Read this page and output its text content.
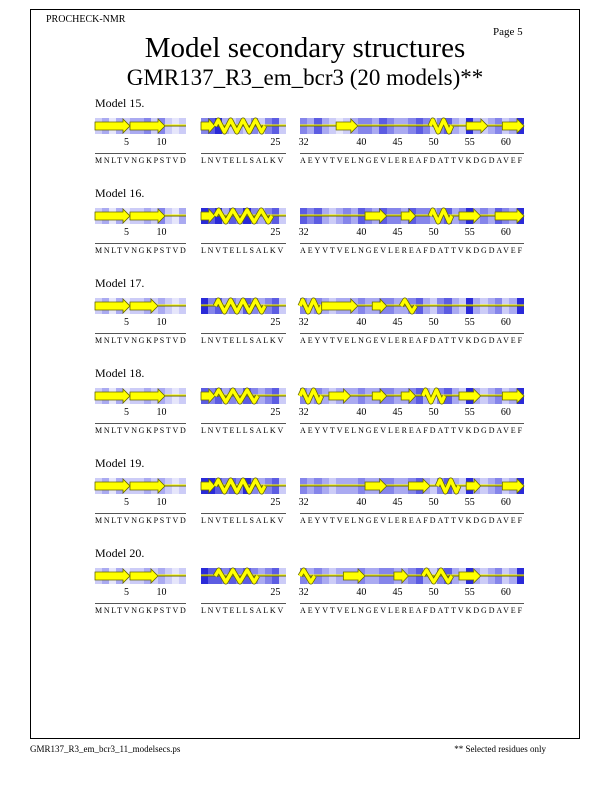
PROCHECK-NMR
Page 5
Model secondary structures
GMR137_R3_em_bcr3 (20 models)**
Model 15.
5	10
MNLTVNGKPSTVD
25
LNVTELLSALKV
32	40	45	50	55	60
AEYVTVELNGEVLEREAFDATTVKDGDAVEF
Model 16.
5	10
MNLTVNGKPSTVD
25
LNVTELLSALKV
32	40	45	50	55	60
AEYVTVELNGEVLEREAFDATTVKDGDAVEF
Model 17.
5	10
MNLTVNGKPSTVD
25
LNVTELLSALKV
32	40	45	50	55	60
AEYVTVELNGEVLEREAFDATTVKDGDAVEF
Model 18.
5	10
MNLTVNGKPSTVD
25
LNVTELLSALKV
32	40	45	50	55	60
AEYVTVELNGEVLEREAFDATTVKDGDAVEF
Model 19.
5	10
MNLTVNGKPSTVD
25
LNVTELLSALKV
32	40	45	50	55	60
AEYVTVELNGEVLEREAFDATTVKDGDAVEF
Model 20.
5	10
MNLTVNGKPSTVD
25
LNVTELLSALKV
32	40	45	50	55	60
AEYVTVELNGEVLEREAFDATTVKDGDAVEF
GMR137_R3_em_bcr3_11_modelsecs.ps	** Selected residues only
